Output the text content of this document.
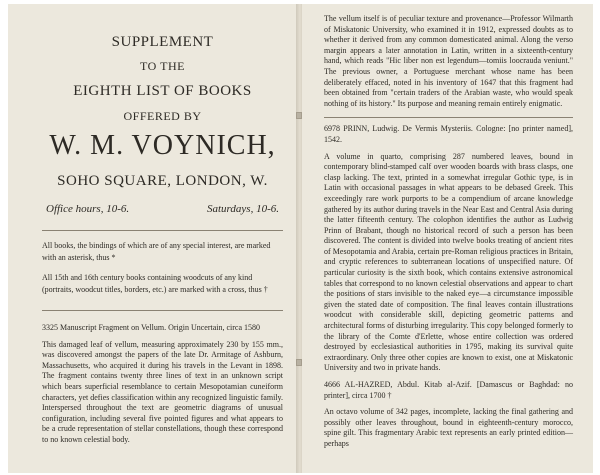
SUPPLEMENT
TO THE
EIGHTH LIST OF BOOKS
OFFERED BY
W. M. VOYNICH,
SOHO SQUARE, LONDON, W.
Office hours, 10-6.	Saturdays, 10-6.

All books, the bindings of which are of any special interest, are marked with an asterisk, thus *

All 15th and 16th century books containing woodcuts of any kind (portraits, woodcut titles, borders, etc.) are marked with a cross, thus †

3325 Manuscript Fragment on Vellum. Origin Uncertain, circa 1580

This damaged leaf of vellum, measuring approximately 230 by 155 mm., was discovered amongst the papers of the late Dr. Armitage of Ashburn, Massachusetts, who acquired it during his travels in the Levant in 1898. The fragment contains twenty three lines of text in an unknown script which bears superficial resemblance to certain Mesopotamian cuneiform characters, yet defies classification within any recognized linguistic family. Interspersed throughout the text are geometric diagrams of unusual configuration, including several five pointed figures and what appears to be a crude representation of stellar constellations, though these correspond to no known celestial body.

The vellum itself is of peculiar texture and provenance—Professor Wilmarth of Miskatonic University, who examined it in 1912, expressed doubts as to whether it derived from any common domesticated animal. Along the verso margin appears a later annotation in Latin, written in a sixteenth-century hand, which reads "Hic liber non est legendum—tomiis loocrauda veniunt." The previous owner, a Portuguese merchant whose name has been deliberately effaced, noted in his inventory of 1647 that this fragment had been obtained from "certain traders of the Arabian waste, who would speak nothing of its history." Its purpose and meaning remain entirely enigmatic.

6978 PRINN, Ludwig. De Vermis Mysteriis. Cologne: [no printer named], 1542.

A volume in quarto, comprising 287 numbered leaves, bound in contemporary blind-stamped calf over wooden boards with brass clasps, one clasp lacking. The text, printed in a somewhat irregular Gothic type, is in Latin with occasional passages in what appears to be debased Greek. This exceedingly rare work purports to be a compendium of arcane knowledge gathered by its author during travels in the Near East and Central Asia during the latter fifteenth century. The colophon identifies the author as Ludwig Prinn of Brabant, though no historical record of such a person has been discovered. The content is divided into twelve books treating of ancient rites of Mesopotamia and Arabia, certain pre-Roman religious practices in Britain, and cryptic references to subterranean locations of unspecified nature. Of particular curiosity is the sixth book, which contains extensive astronomical tables that correspond to no known celestial observations and appear to chart the positions of stars invisible to the naked eye—a circumstance impossible given the stated date of composition. The final leaves contain illustrations woodcut with considerable skill, depicting geometric patterns and architectural forms of disturbing irregularity. This copy belonged formerly to the library of the Comte d'Erlette, whose entire collection was ordered destroyed by ecclesiastical authorities in 1795, making its survival quite extraordinary. Only three other copies are known to exist, one at Miskatonic University and two in private hands.

4666 AL-HAZRED, Abdul. Kitab al-Azif. [Damascus or Baghdad: no printer], circa 1700 †

An octavo volume of 342 pages, incomplete, lacking the final gathering and possibly other leaves throughout, bound in eighteenth-century morocco, spine gilt. This fragmentary Arabic text represents an early printed edition—perhaps
